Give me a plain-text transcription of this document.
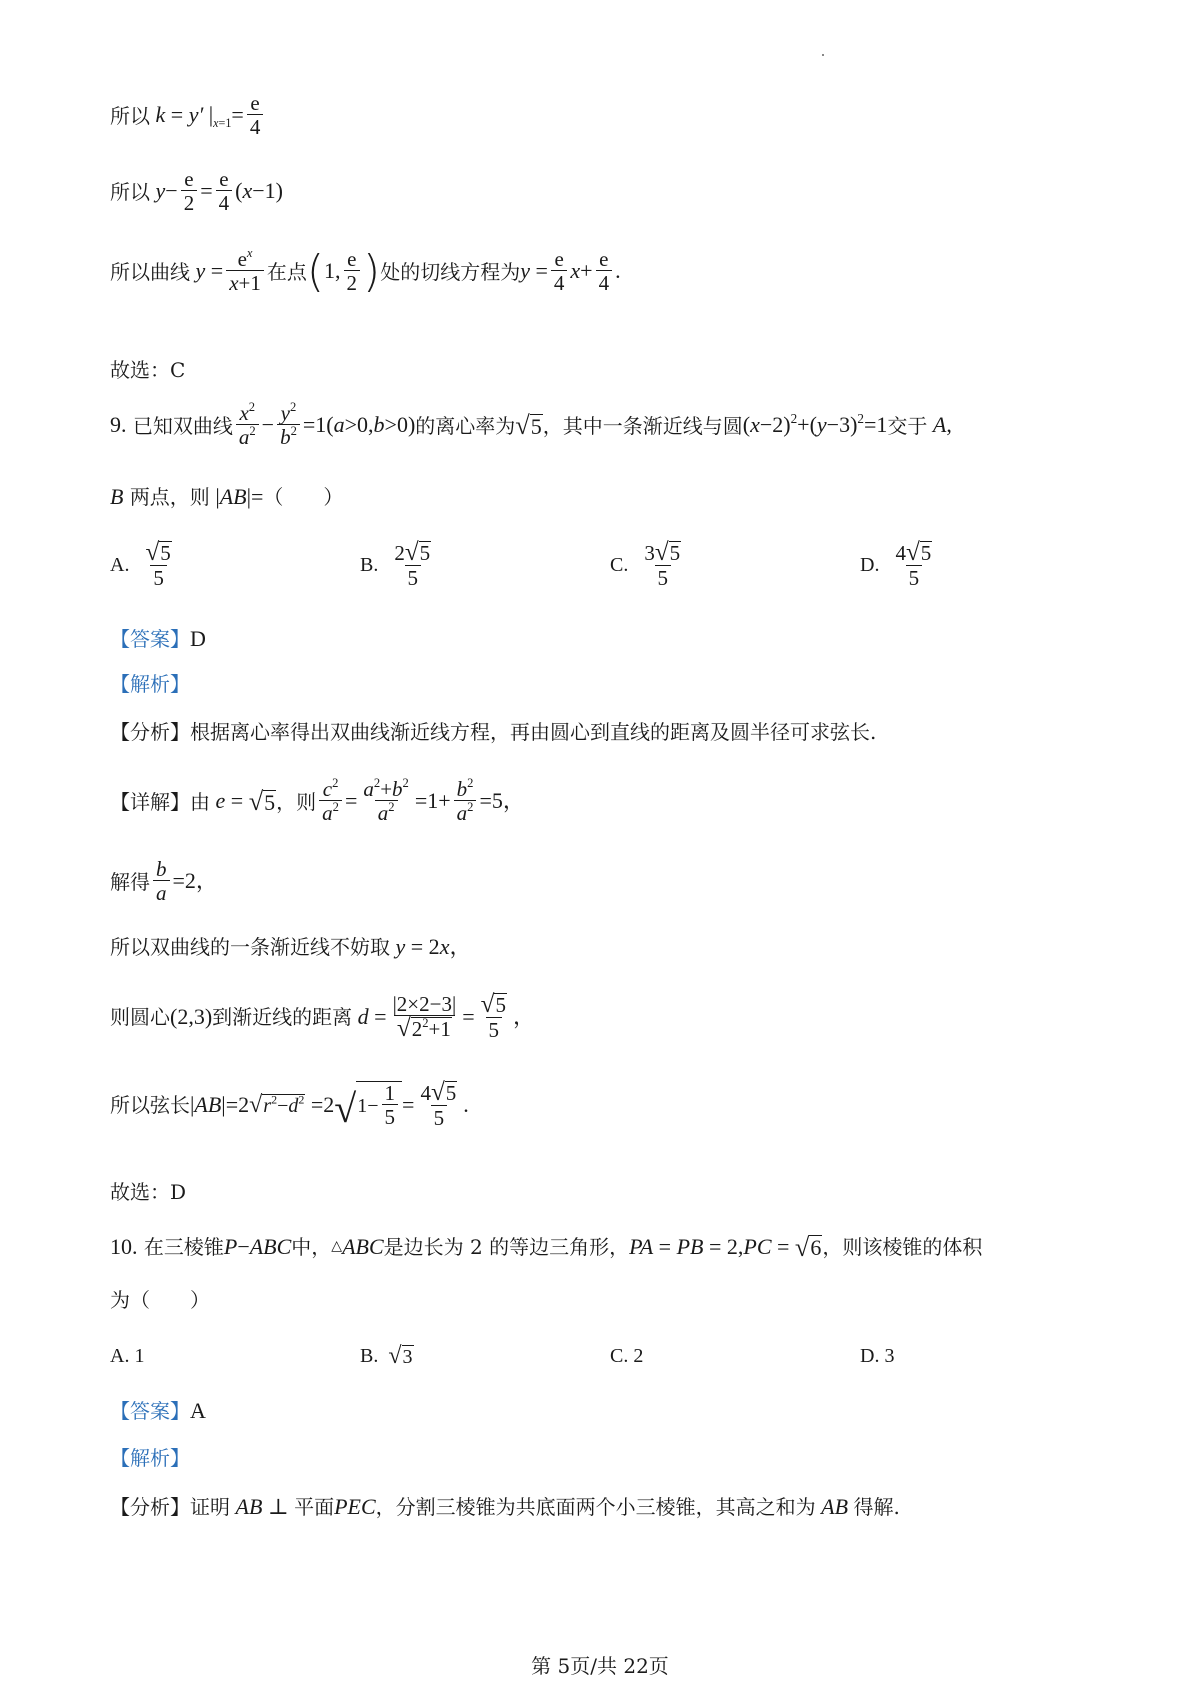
所以 k = y′ $|_{x=1}= \frac{e}{4}$
所以 $y - \frac{e}{2} = \frac{e}{4}$ ( x −1)
所以曲线 $y = \frac{e^x}{x+1}$ 在点 ( 1, $\frac{e}{2}$ ) 处的切线方程为 $y = \frac{e}{4}$ $x + \frac{e}{4}$ .
故选：C
9.
已知双曲线 $\frac{x^2}{a^2} - \frac{y^2}{b^2} =1$( a >0, b >0) 的离心率为 √ 5 ，其中一条渐近线与圆 ( x −2)$^2$+( y −3)$^2$=1 交于 A ,
B
两点，则 | AB |= （　　）
A.
$\frac{√ 5}{5}$	B.
$\frac{2 √ 5}{5}$	C.
$\frac{3 √ 5}{5}$	D.
$\frac{4 √ 5}{5}$
【答案】 D
【解析】
【分析】 根据离心率得出双曲线渐近线方程，再由圆心到直线的距离及圆半径可求弦长.
【详解】 由 e = √ 5 ，则 $\frac{c^2}{a^2} = \frac{a^2+b^2}{a^2} =1+ \frac{b^2}{a^2} =5$，
解得 $\frac{b}{a} =2$，
所以双曲线的一条渐近线不妨取 y = 2 x ，
则圆心 (2,3) 到渐近线的距离 $d = \frac{|2\times 2-3|}{√ 2^2+1} = \frac{√ 5}{5}$ ，
所以弦长 | AB |=2 √ $r^2-d^2 =2$ √ $1- \frac{1}{5} = \frac{4 √ 5}{5}$ .
故选：D
10.
在三棱锥 P − ABC 中， △ ABC 是边长为 2 的等边三角形， PA = PB = 2, PC = √ 6 ，则该棱锥的体积
为（　　）
A. 1	B.
√ 3	C. 2	D. 3
【答案】 A
【解析】
【分析】 证明 AB ⊥ 平面 PEC ，分割三棱锥为共底面两个小三棱锥，其高之和为 AB 得解.
第 5页/共 22页
